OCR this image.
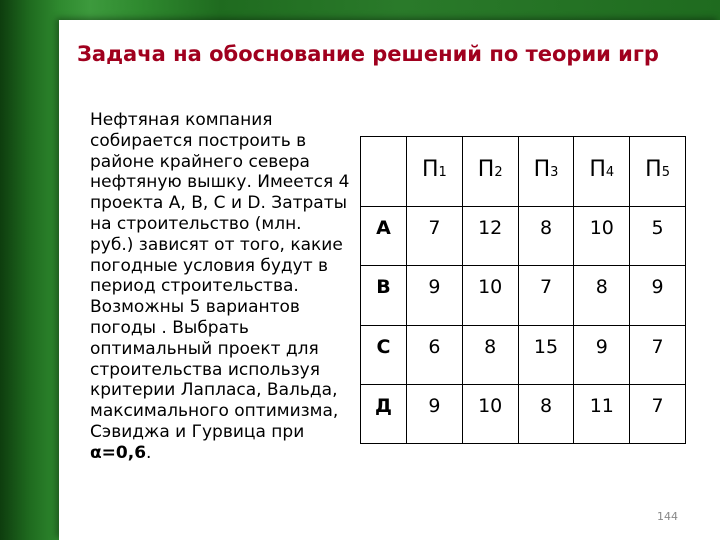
Задача на обоснование решений по теории игр

Нефтяная компания собирается построить в районе крайнего севера нефтяную вышку. Имеется 4 проекта A, B, C и D. Затраты на строительство (млн. руб.) зависят от того, какие погодные условия будут в период строительства. Возможны 5 вариантов погоды . Выбрать оптимальный проект для строительства используя критерии Лапласа, Вальда, максимального оптимизма, Сэвиджа и Гурвица при α=0,6.

	П1	П2	П3	П4	П5
А	7	12	8	10	5
В	9	10	7	8	9
С	6	8	15	9	7
Д	9	10	8	11	7
144
